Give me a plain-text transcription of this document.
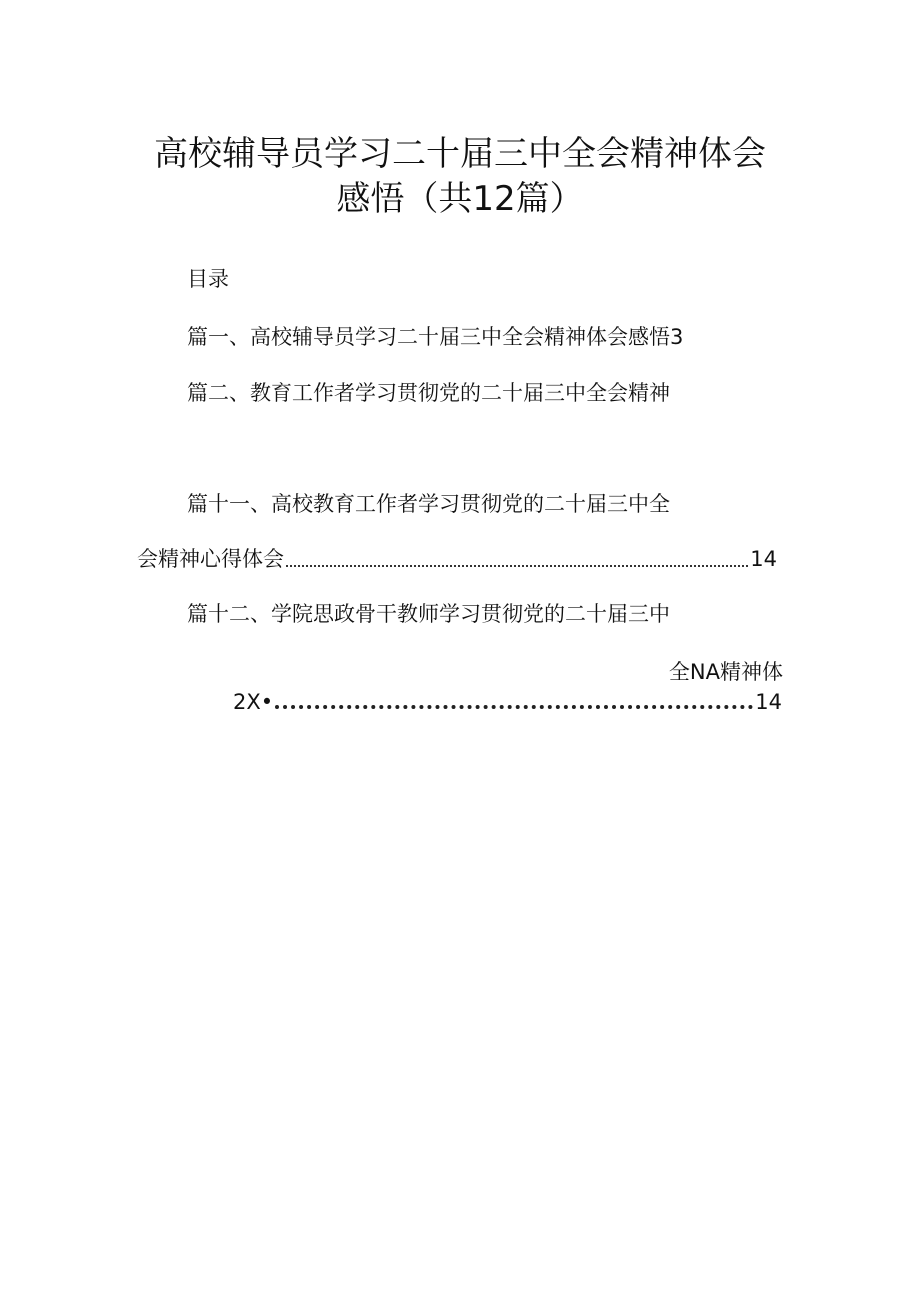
高校辅导员学习二十届三中全会精神体会
感悟（共12篇）
目录
篇一、高校辅导员学习二十届三中全会精神体会感悟3
篇二、教育工作者学习贯彻党的二十届三中全会精神
篇十一、高校教育工作者学习贯彻党的二十届三中全
会精神心得体会	14
篇十二、学院思政骨干教师学习贯彻党的二十届三中
全NA精神体
2X•	14
